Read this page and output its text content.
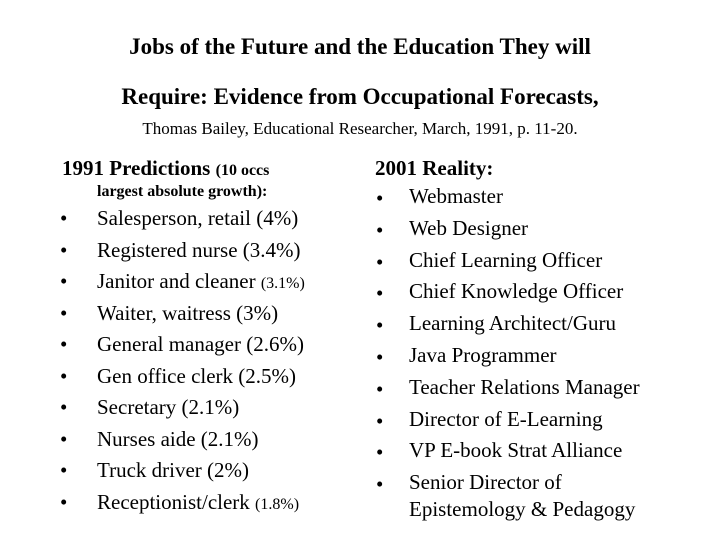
Jobs of the Future and the Education They will
Require: Evidence from Occupational Forecasts,
Thomas Bailey, Educational Researcher, March, 1991, p. 11-20.
1991 Predictions (10 occs
largest absolute growth):
2001 Reality:
• Salesperson, retail (4%)
• Registered nurse (3.4%)
• Janitor and cleaner (3.1%)
• Waiter, waitress (3%)
• General manager (2.6%)
• Gen office clerk (2.5%)
• Secretary (2.1%)
• Nurses aide (2.1%)
• Truck driver (2%)
• Receptionist/clerk (1.8%)
• Webmaster
• Web Designer
• Chief Learning Officer
• Chief Knowledge Officer
• Learning Architect/Guru
• Java Programmer
• Teacher Relations Manager
• Director of E-Learning
• VP E-book Strat Alliance
• Senior Director of
Epistemology & Pedagogy
